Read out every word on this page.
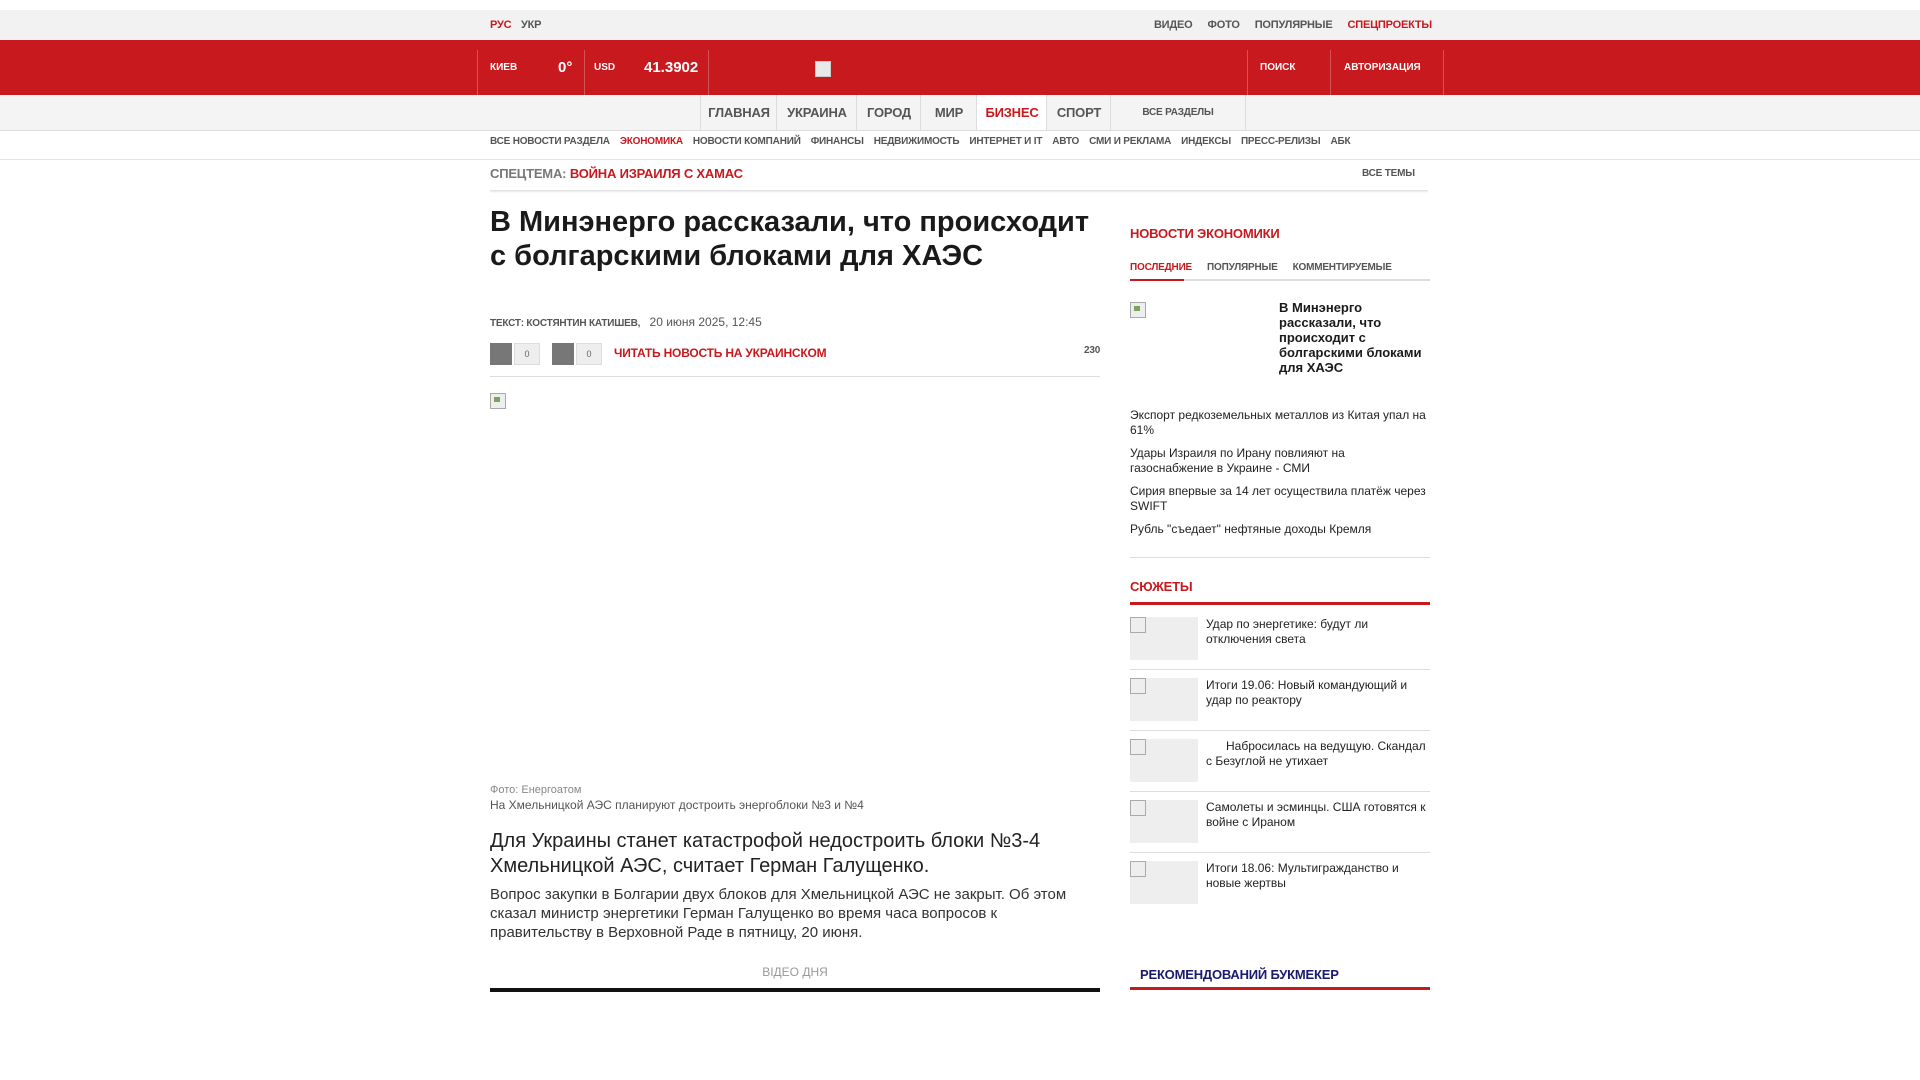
РУС УКР	ВИДЕО ФОТО ПОПУЛЯРНЫЕ СПЕЦПРОЕКТЫ
КИЕВ	0° USD 41.3902	ПОИСК	АВТОРИЗАЦИЯ
ГЛАВНАЯ	УКРАИНА	ГОРОД	МИР	БИЗНЕС	СПОРТ	ВСЕ РАЗДЕЛЫ
ВСЕ НОВОСТИ РАЗДЕЛА ЭКОНОМИКА НОВОСТИ КОМПАНИЙ ФИНАНСЫ НЕДВИЖИМОСТЬ ИНТЕРНЕТ И IT АВТО СМИ И РЕКЛАМА ИНДЕКСЫ ПРЕСС-РЕЛИЗЫ АБК
СПЕЦТЕМА: ВОЙНА ИЗРАИЛЯ С ХАМАС	ВСЕ ТЕМЫ
В Минэнерго рассказали, что происходит с болгарскими блоками для ХАЭС
ТЕКСТ: КОСТЯНТИН КАТИШЕВ, 20 июня 2025, 12:45
0	0	ЧИТАТЬ НОВОСТЬ НА УКРАИНСКОМ	230
Фото: Енергоатом
На Хмельницкой АЭС планируют достроить энергоблоки №3 и №4
Для Украины станет катастрофой недостроить блоки №3-4 Хмельницкой АЭС, считает Герман Галущенко.
Вопрос закупки в Болгарии двух блоков для Хмельницкой АЭС не закрыт. Об этом сказал министр энергетики Герман Галущенко во время часа вопросов к правительству в Верховной Раде в пятницу, 20 июня.
ВІДЕО ДНЯ
НОВОСТИ ЭКОНОМИКИ
ПОСЛЕДНИЕ ПОПУЛЯРНЫЕ КОММЕНТИРУЕМЫЕ
В Минэнерго рассказали, что происходит с болгарскими блоками для ХАЭС
Экспорт редкоземельных металлов из Китая упал на 61%
Удары Израиля по Ирану повлияют на газоснабжение в Украине - СМИ
Сирия впервые за 14 лет осуществила платёж через SWIFT
Рубль "съедает" нефтяные доходы Кремля
СЮЖЕТЫ
Удар по энергетике: будут ли отключения света
Итоги 19.06: Новый командующий и удар по реактору
Набросилась на ведущую. Скандал с Безуглой не утихает
Самолеты и эсминцы. США готовятся к войне с Ираном
Итоги 18.06: Мультигражданство и новые жертвы
РЕКОМЕНДОВАНИЙ БУКМЕКЕР
